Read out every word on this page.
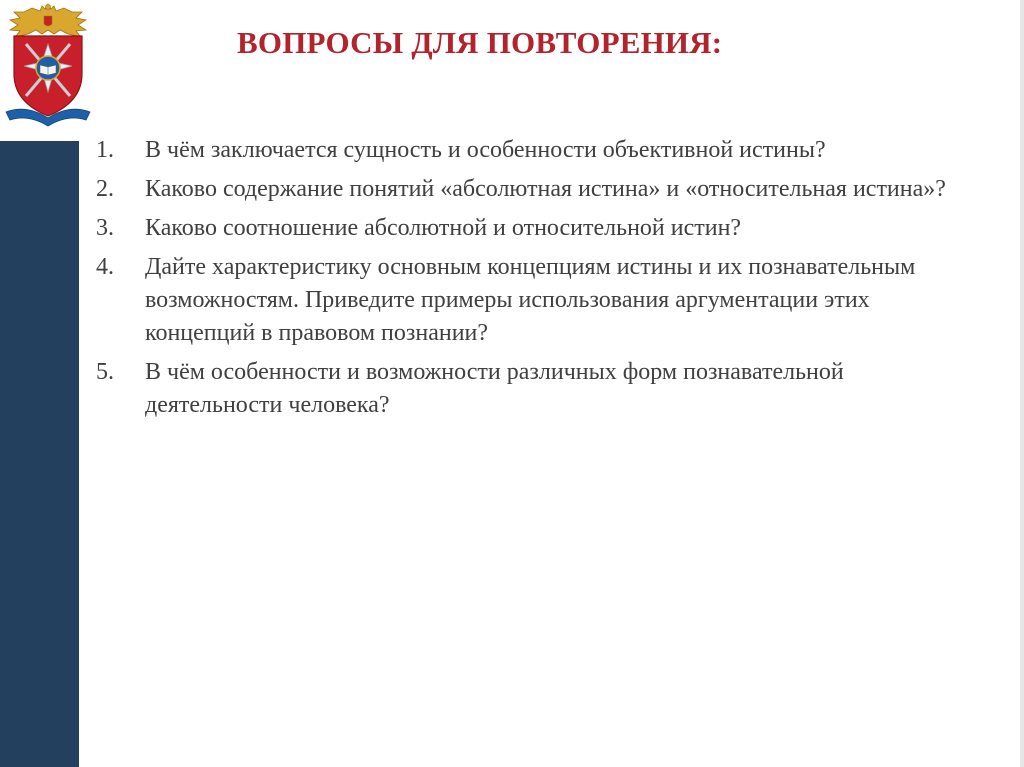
ВОПРОСЫ ДЛЯ ПОВТОРЕНИЯ:
1. В чём заключается сущность и особенности объективной истины?
2. Каково содержание понятий «абсолютная истина» и «относительная истина»?
3. Каково соотношение абсолютной и относительной истин?
4. Дайте характеристику основным концепциям истины и их познавательным возможностям. Приведите примеры использования аргументации этих концепций в правовом познании?
5. В чём особенности и возможности различных форм познавательной деятельности человека?
